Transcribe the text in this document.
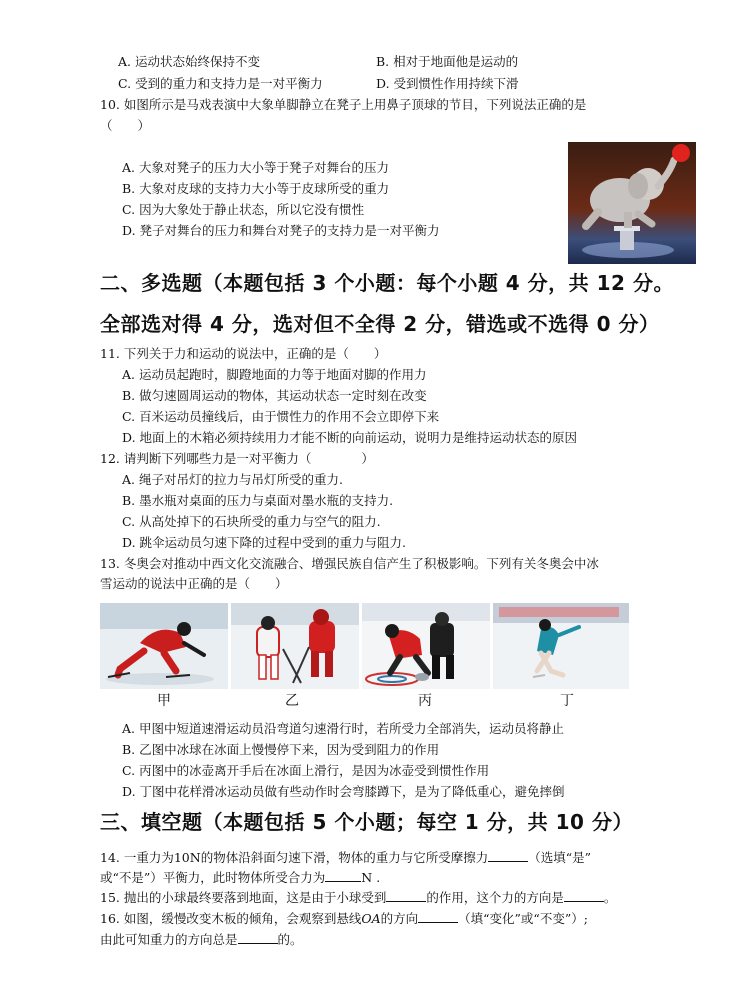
A. 运动状态始终保持不变	B. 相对于地面他是运动的
C. 受到的重力和支持力是一对平衡力	D. 受到惯性作用持续下滑
10. 如图所示是马戏表演中大象单脚静立在凳子上用鼻子顶球的节目，下列说法正确的是
（　　）
A. 大象对凳子的压力大小等于凳子对舞台的压力
B. 大象对皮球的支持力大小等于皮球所受的重力
C. 因为大象处于静止状态，所以它没有惯性
D. 凳子对舞台的压力和舞台对凳子的支持力是一对平衡力
二、多选题（本题包括 3 个小题：每个小题 4 分，共 12 分。
全部选对得 4 分，选对但不全得 2 分，错选或不选得 0 分）
11. 下列关于力和运动的说法中，正确的是（　　）
A. 运动员起跑时，脚蹬地面的力等于地面对脚的作用力
B. 做匀速圆周运动的物体，其运动状态一定时刻在改变
C. 百米运动员撞线后，由于惯性力的作用不会立即停下来
D. 地面上的木箱必须持续用力才能不断的向前运动，说明力是维持运动状态的原因
12. 请判断下列哪些力是一对平衡力（　　　　）
A. 绳子对吊灯的拉力与吊灯所受的重力.
B. 墨水瓶对桌面的压力与桌面对墨水瓶的支持力.
C. 从高处掉下的石块所受的重力与空气的阻力.
D. 跳伞运动员匀速下降的过程中受到的重力与阻力.
13. 冬奥会对推动中西文化交流融合、增强民族自信产生了积极影响。下列有关冬奥会中冰
雪运动的说法中正确的是（　　）
甲	乙	丙	丁
A. 甲图中短道速滑运动员沿弯道匀速滑行时，若所受力全部消失，运动员将静止
B. 乙图中冰球在冰面上慢慢停下来，因为受到阻力的作用
C. 丙图中的冰壶离开手后在冰面上滑行，是因为冰壶受到惯性作用
D. 丁图中花样滑冰运动员做有些动作时会弯膝蹲下，是为了降低重心，避免摔倒
三、填空题（本题包括 5 个小题；每空 1 分，共 10 分）
14. 一重力为10N的物体沿斜面匀速下滑，物体的重力与它所受摩擦力	（选填“是”
或“不是”）平衡力，此时物体所受合力为	N .
15. 抛出的小球最终要落到地面，这是由于小球受到	的作用，这个力的方向是	。
16. 如图，缓慢改变木板的倾角，会观察到悬线OA的方向	（填“变化”或“不变”）;
由此可知重力的方向总是	的。
